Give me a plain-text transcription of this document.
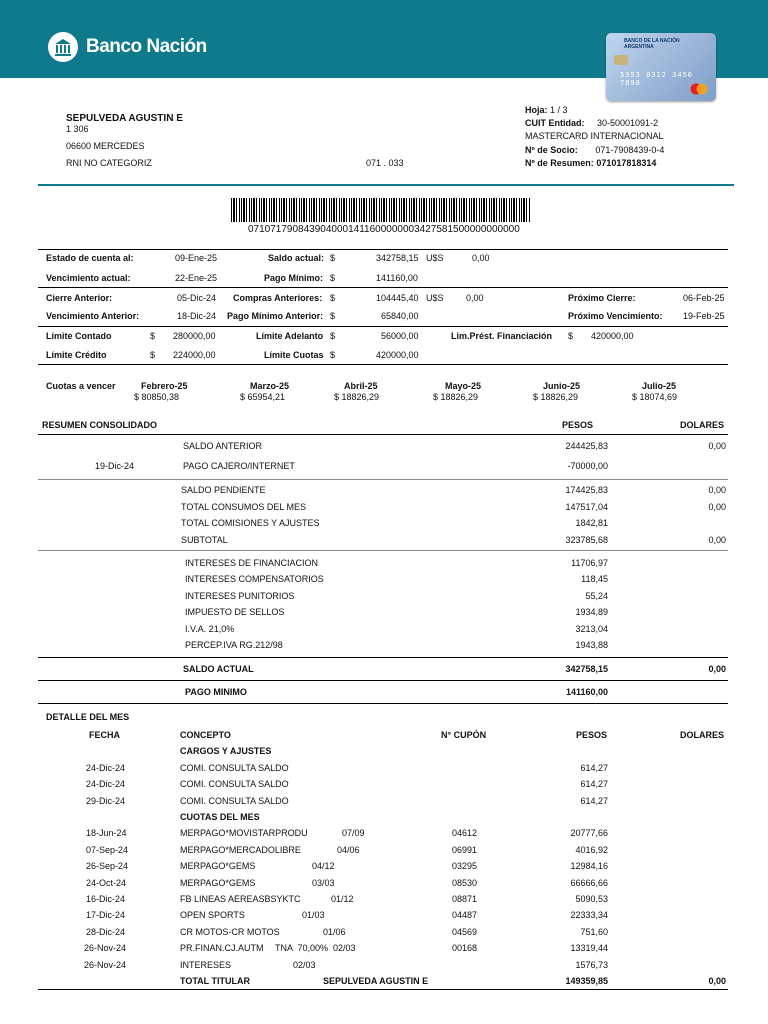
Banco Nación	BANCO DE LA NACIÓN ARGENTINA
5353 0312 3456 7890
SEPULVEDA AGUSTIN E
1 306
06600 MERCEDES
RNI NO CATEGORIZ	071 . 033
Hoja: 1 / 3
CUIT Entidad: 30-50001091-2
MASTERCARD INTERNACIONAL
Nº de Socio: 071-7908439-0-4
Nº de Resumen: 071017818314
0710717908439040001411600000003427581500000000000
Estado de cuenta al:	09-Ene-25	Saldo actual: $	342758,15 U$S	0,00
Vencimiento actual:	22-Ene-25	Pago Mínimo: $	141160,00
Cierre Anterior:	05-Dic-24 Compras Anteriores: $	104445,40 U$S 0,00	Próximo Cierre:	06-Feb-25
Vencimiento Anterior:	18-Dic-24 Pago Mínimo Anterior: $	65840,00	Próximo Vencimiento: 19-Feb-25
Límite Contado	$ 280000,00	Límite Adelanto $	56000,00	Lim.Prést. Financiación $ 420000,00
Límite Crédito	$ 224000,00	Límite Cuotas $	420000,00
Cuotas a vencer	Febrero-25
$ 80850,38
Marzo-25
$ 65954,21
Abril-25
$ 18826,29
Mayo-25
$ 18826,29
Junio-25
$ 18826,29
Julio-25
$ 18074,69
RESUMEN CONSOLIDADO	PESOS	DOLARES
SALDO ANTERIOR	244425,83	0,00
19-Dic-24	PAGO CAJERO/INTERNET	-70000,00
SALDO PENDIENTE	174425,83	0,00
TOTAL CONSUMOS DEL MES	147517,04	0,00
TOTAL COMISIONES Y AJUSTES	1842,81
SUBTOTAL	323785,68	0,00
INTERESES DE FINANCIACION	11706,97
INTERESES COMPENSATORIOS	118,45
INTERESES PUNITORIOS	55,24
IMPUESTO DE SELLOS	1934,89
I.V.A. 21,0%	3213,04
PERCEP.IVA RG.212/98	1943,88
SALDO ACTUAL	342758,15	0,00
PAGO MINIMO	141160,00
DETALLE DEL MES
FECHA	CONCEPTO	N° CUPÓN	PESOS	DOLARES
CARGOS Y AJUSTES
24-Dic-24	COMI. CONSULTA SALDO	614,27
24-Dic-24	COMI. CONSULTA SALDO	614,27
29-Dic-24	COMI. CONSULTA SALDO	614,27
CUOTAS DEL MES
18-Jun-24	MERPAGO*MOVISTARPRODU	07/09	04612	20777,66
07-Sep-24	MERPAGO*MERCADOLIBRE	04/06	06991	4016,92
26-Sep-24	MERPAGO*GEMS	04/12	03295	12984,16
24-Oct-24	MERPAGO*GEMS	03/03	08530	66666,66
16-Dic-24	FB LINEAS AEREASBSYKTC	01/12	08871	5090,53
17-Dic-24	OPEN SPORTS	01/03	04487	22333,34
28-Dic-24	CR MOTOS-CR MOTOS	01/06	04569	751,60
26-Nov-24	PR.FINAN.CJ.AUTM TNA  70,00%  02/03	00168	13319,44
26-Nov-24	INTERESES	02/03	1576,73
TOTAL TITULAR	SEPULVEDA AGUSTIN E	149359,85	0,00
